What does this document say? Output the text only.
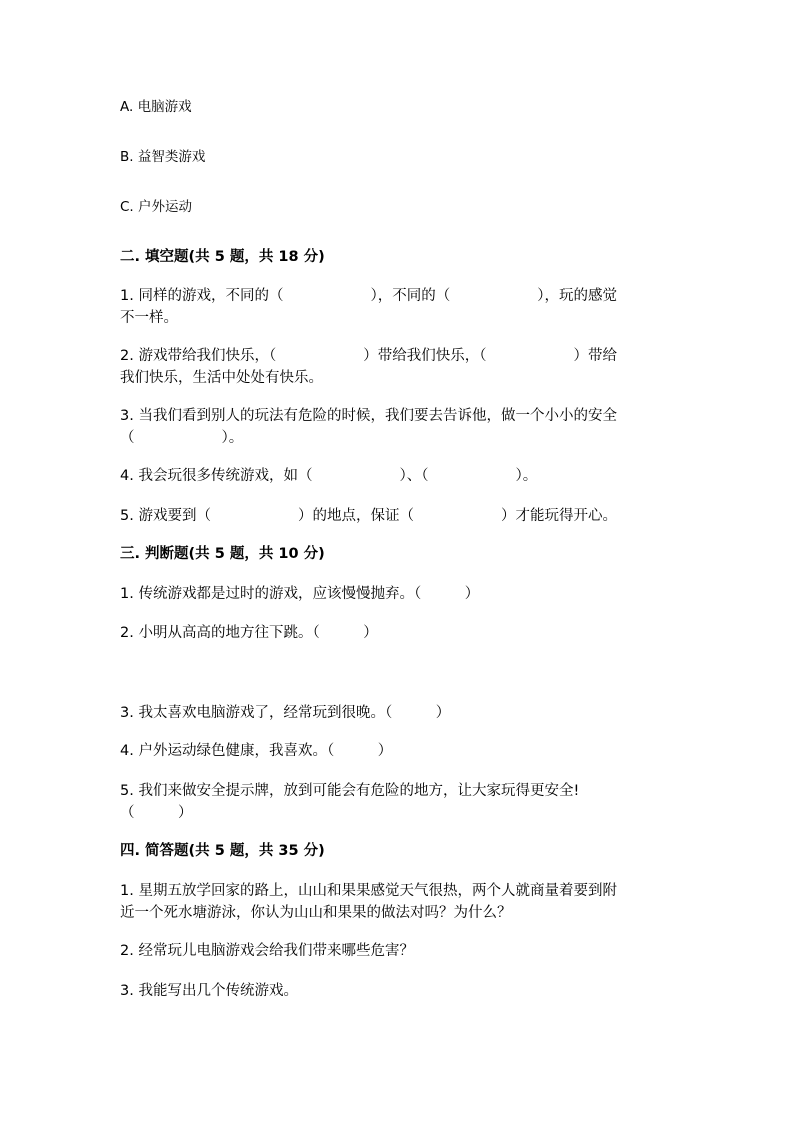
A. 电脑游戏
B. 益智类游戏
C. 户外运动
二. 填空题(共 5 题，共 18 分)
1. 同样的游戏，不同的（　　　　　　），不同的（　　　　　　），玩的感觉
不一样。
2. 游戏带给我们快乐，（　　　　　　）带给我们快乐，（　　　　　　）带给
我们快乐，生活中处处有快乐。
3. 当我们看到别人的玩法有危险的时候，我们要去告诉他，做一个小小的安全
（　　　　　　）。
4. 我会玩很多传统游戏，如（　　　　　　）、（　　　　　　）。
5. 游戏要到（　　　　　　）的地点，保证（　　　　　　）才能玩得开心。
三. 判断题(共 5 题，共 10 分)
1. 传统游戏都是过时的游戏，应该慢慢抛弃。（　　　）
2. 小明从高高的地方往下跳。（　　　）
3. 我太喜欢电脑游戏了，经常玩到很晚。（　　　）
4. 户外运动绿色健康，我喜欢。（　　　）
5. 我们来做安全提示牌，放到可能会有危险的地方，让大家玩得更安全!
（　　　）
四. 简答题(共 5 题，共 35 分)
1. 星期五放学回家的路上，山山和果果感觉天气很热，两个人就商量着要到附
近一个死水塘游泳，你认为山山和果果的做法对吗？为什么？
2. 经常玩儿电脑游戏会给我们带来哪些危害？
3. 我能写出几个传统游戏。
